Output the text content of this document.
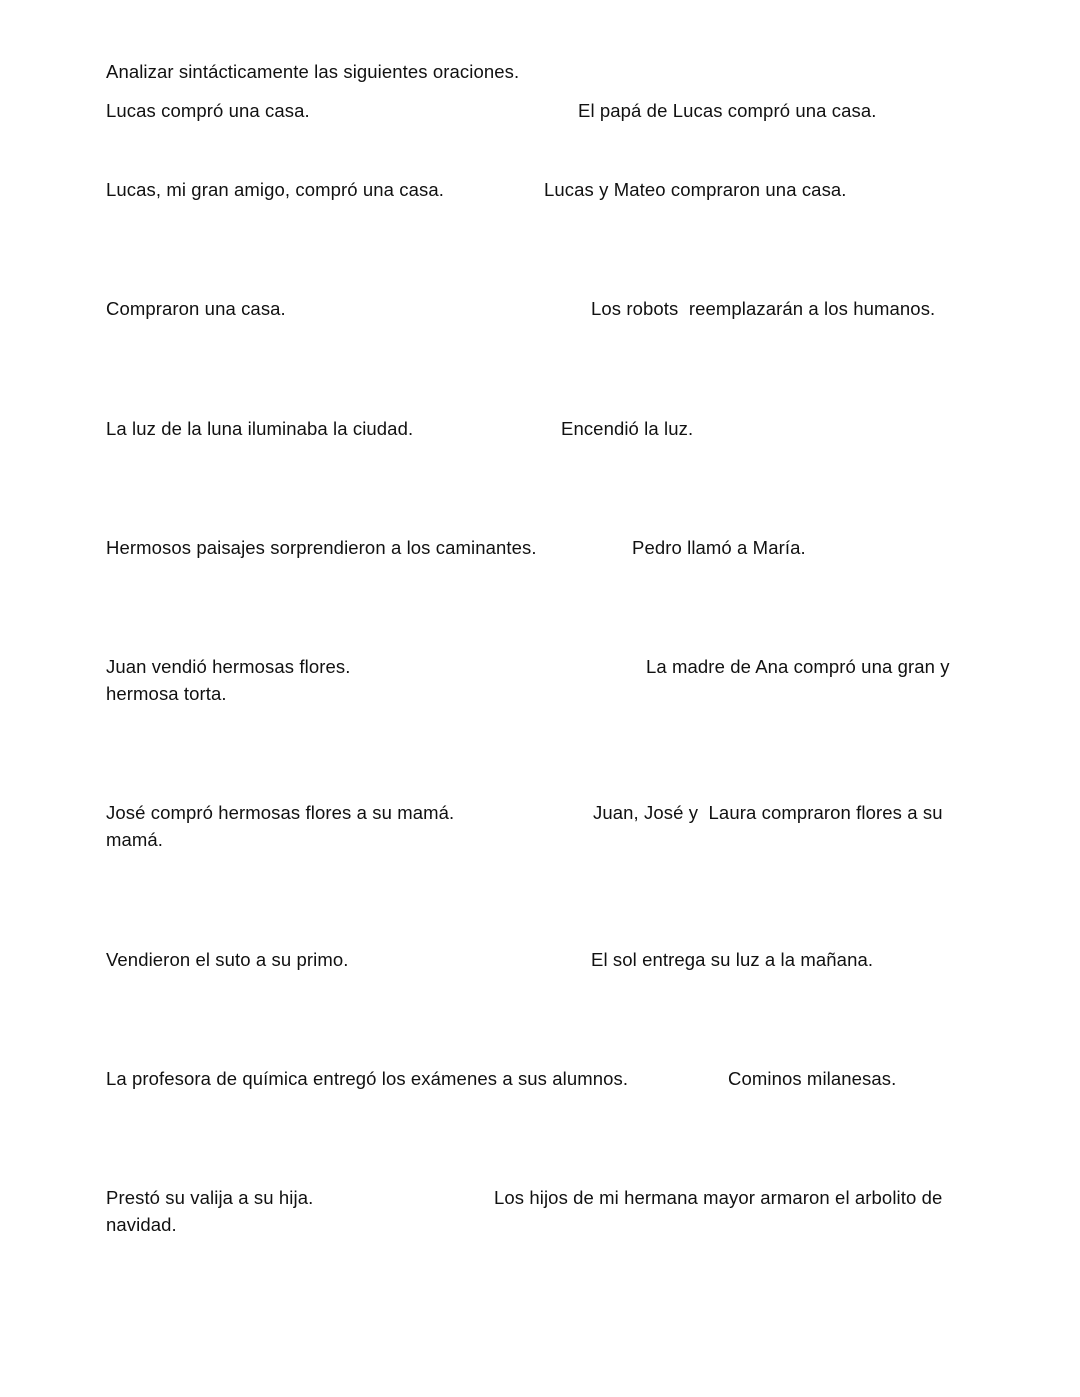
Analizar sintácticamente las siguientes oraciones.
Lucas compró una casa.	El papá de Lucas compró una casa.
Lucas, mi gran amigo, compró una casa.	Lucas y Mateo compraron una casa.
Compraron una casa.	Los robots  reemplazarán a los humanos.
La luz de la luna iluminaba la ciudad.	Encendió la luz.
Hermosos paisajes sorprendieron a los caminantes.	Pedro llamó a María.
Juan vendió hermosas flores.	La madre de Ana compró una gran y
hermosa torta.
José compró hermosas flores a su mamá.	Juan, José y  Laura compraron flores a su
mamá.
Vendieron el suto a su primo.	El sol entrega su luz a la mañana.
La profesora de química entregó los exámenes a sus alumnos.	Cominos milanesas.
Prestó su valija a su hija.	Los hijos de mi hermana mayor armaron el arbolito de
navidad.
